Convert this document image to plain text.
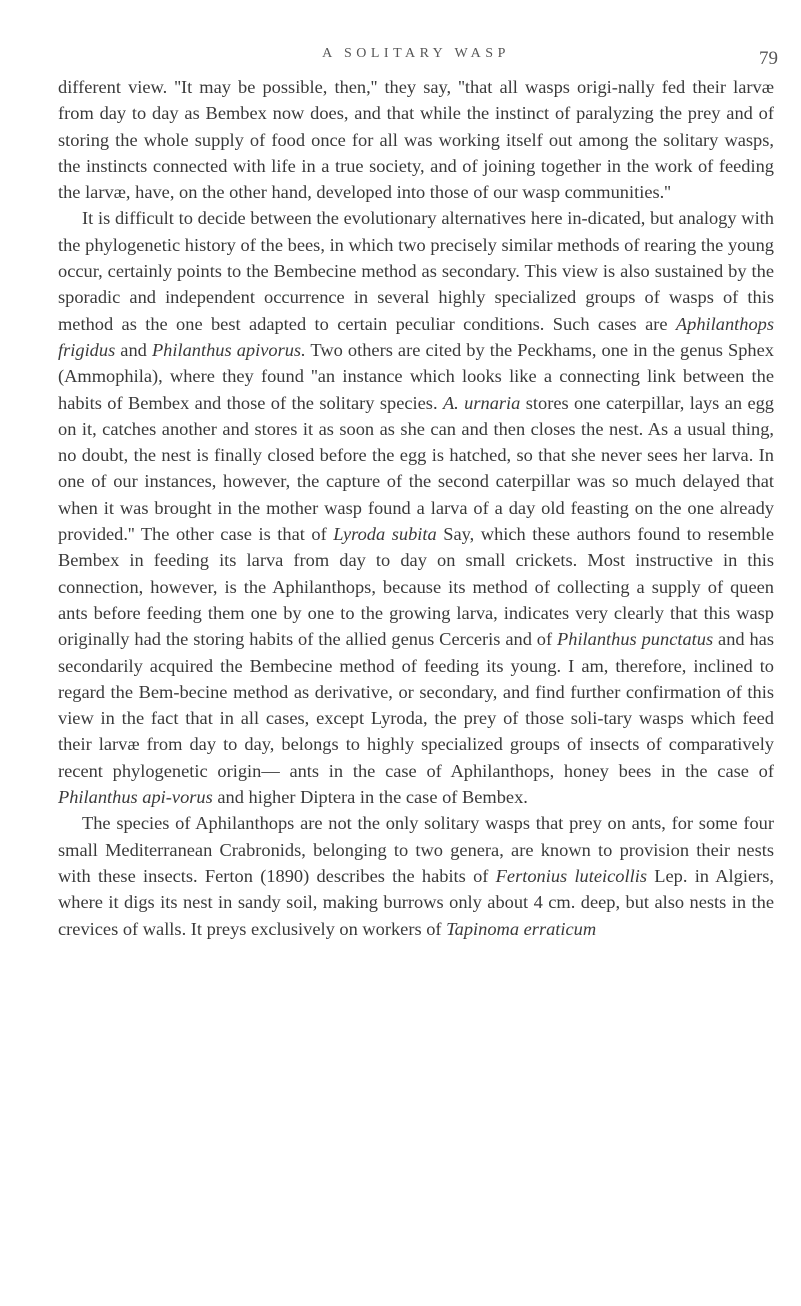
A SOLITARY WASP	79

different view. ''It may be possible, then,'' they say, ''that all wasps origi-nally fed their larvæ from day to day as Bembex now does, and that while the instinct of paralyzing the prey and of storing the whole supply of food once for all was working itself out among the solitary wasps, the instincts connected with life in a true society, and of joining together in the work of feeding the larvæ, have, on the other hand, developed into those of our wasp communities.''

It is difficult to decide between the evolutionary alternatives here in-dicated, but analogy with the phylogenetic history of the bees, in which two precisely similar methods of rearing the young occur, certainly points to the Bembecine method as secondary. This view is also sustained by the sporadic and independent occurrence in several highly specialized groups of wasps of this method as the one best adapted to certain peculiar conditions. Such cases are Aphilanthops frigidus and Philanthus apivorus. Two others are cited by the Peckhams, one in the genus Sphex (Ammophila), where they found ''an instance which looks like a connecting link between the habits of Bembex and those of the solitary species. A. urnaria stores one caterpillar, lays an egg on it, catches another and stores it as soon as she can and then closes the nest. As a usual thing, no doubt, the nest is finally closed before the egg is hatched, so that she never sees her larva. In one of our instances, however, the capture of the second caterpillar was so much delayed that when it was brought in the mother wasp found a larva of a day old feasting on the one already provided.'' The other case is that of Lyroda subita Say, which these authors found to resemble Bembex in feeding its larva from day to day on small crickets. Most instructive in this connection, however, is the Aphilanthops, because its method of collecting a supply of queen ants before feeding them one by one to the growing larva, indicates very clearly that this wasp originally had the storing habits of the allied genus Cerceris and of Philanthus punctatus and has secondarily acquired the Bembecine method of feeding its young. I am, therefore, inclined to regard the Bem-becine method as derivative, or secondary, and find further confirmation of this view in the fact that in all cases, except Lyroda, the prey of those soli-tary wasps which feed their larvæ from day to day, belongs to highly specialized groups of insects of comparatively recent phylogenetic origin— ants in the case of Aphilanthops, honey bees in the case of Philanthus api-vorus and higher Diptera in the case of Bembex.

The species of Aphilanthops are not the only solitary wasps that prey on ants, for some four small Mediterranean Crabronids, belonging to two genera, are known to provision their nests with these insects. Ferton (1890) describes the habits of Fertonius luteicollis Lep. in Algiers, where it digs its nest in sandy soil, making burrows only about 4 cm. deep, but also nests in the crevices of walls. It preys exclusively on workers of Tapinoma erraticum
